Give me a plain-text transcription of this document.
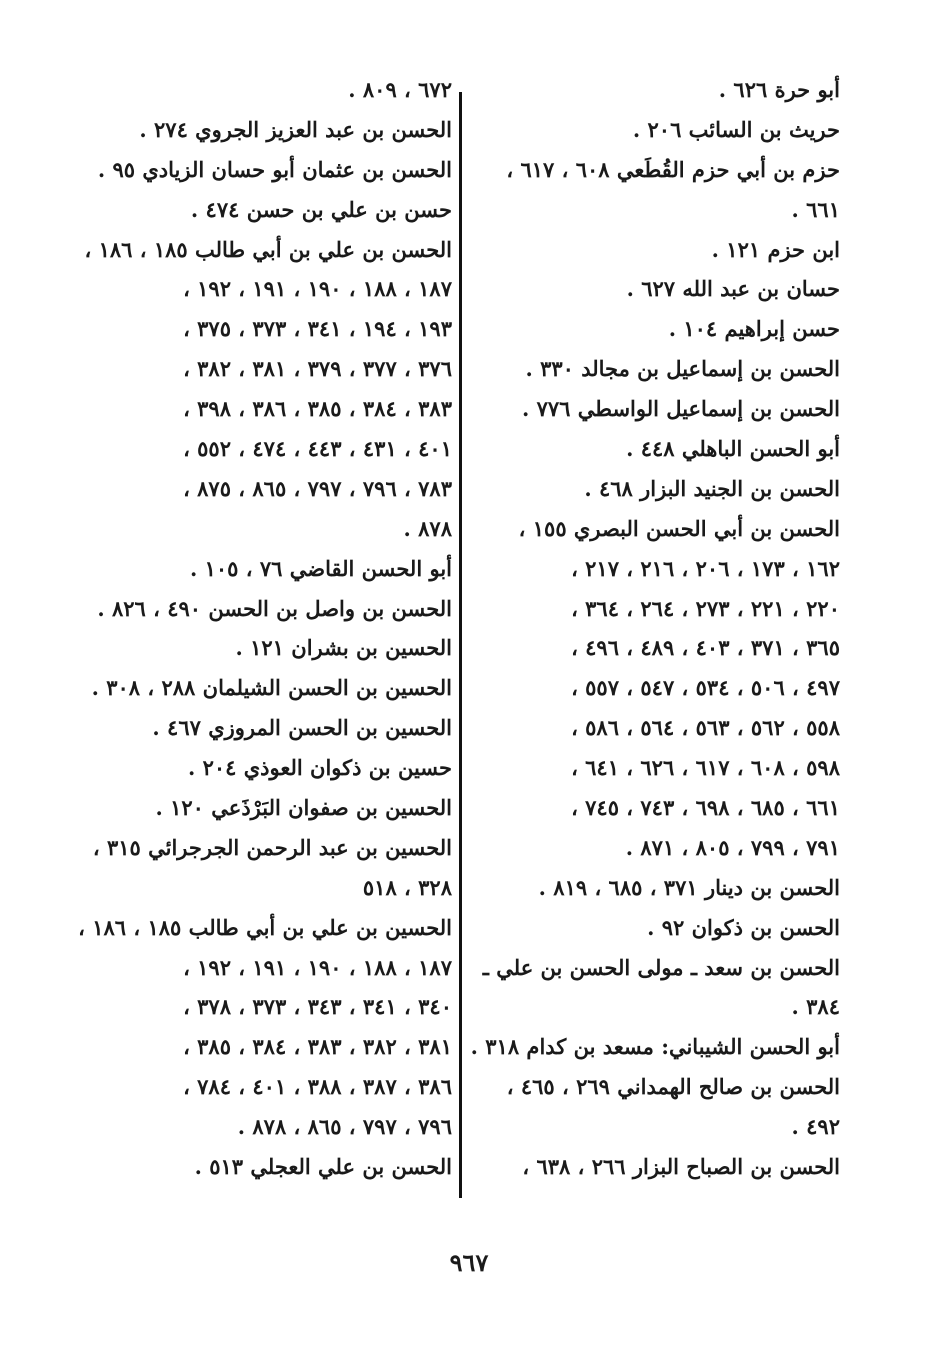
أبو حرة ٦٢٦ .
حريث بن السائب ٢٠٦ .
حزم بن أبي حزم القُطَعي ٦٠٨ ، ٦١٧ ،
٦٦١ .
ابن حزم ١٢١ .
حسان بن عبد الله ٦٢٧ .
حسن إبراهيم ١٠٤ .
الحسن بن إسماعيل بن مجالد ٣٣٠ .
الحسن بن إسماعيل الواسطي ٧٧٦ .
أبو الحسن الباهلي ٤٤٨ .
الحسن بن الجنيد البزار ٤٦٨ .
الحسن بن أبي الحسن البصري ١٥٥ ،
١٦٢ ، ١٧٣ ، ٢٠٦ ، ٢١٦ ، ٢١٧ ،
٢٢٠ ، ٢٢١ ، ٢٧٣ ، ٢٦٤ ، ٣٦٤ ،
٣٦٥ ، ٣٧١ ، ٤٠٣ ، ٤٨٩ ، ٤٩٦ ،
٤٩٧ ، ٥٠٦ ، ٥٣٤ ، ٥٤٧ ، ٥٥٧ ،
٥٥٨ ، ٥٦٢ ، ٥٦٣ ، ٥٦٤ ، ٥٨٦ ،
٥٩٨ ، ٦٠٨ ، ٦١٧ ، ٦٢٦ ، ٦٤١ ،
٦٦١ ، ٦٨٥ ، ٦٩٨ ، ٧٤٣ ، ٧٤٥ ،
٧٩١ ، ٧٩٩ ، ٨٠٥ ، ٨٧١ .
الحسن بن دينار ٣٧١ ، ٦٨٥ ، ٨١٩ .
الحسن بن ذكوان ٩٢ .
الحسن بن سعد ـ مولى الحسن بن علي ـ
٣٨٤ .
أبو الحسن الشيباني: مسعد بن كدام ٣١٨ .
الحسن بن صالح الهمداني ٢٦٩ ، ٤٦٥ ،
٤٩٢ .
الحسن بن الصباح البزار ٢٦٦ ، ٦٣٨ ،
٦٧٢ ، ٨٠٩ .
الحسن بن عبد العزيز الجروي ٢٧٤ .
الحسن بن عثمان أبو حسان الزيادي ٩٥ .
حسن بن علي بن حسن ٤٧٤ .
الحسن بن علي بن أبي طالب ١٨٥ ، ١٨٦ ،
١٨٧ ، ١٨٨ ، ١٩٠ ، ١٩١ ، ١٩٢ ،
١٩٣ ، ١٩٤ ، ٣٤١ ، ٣٧٣ ، ٣٧٥ ،
٣٧٦ ، ٣٧٧ ، ٣٧٩ ، ٣٨١ ، ٣٨٢ ،
٣٨٣ ، ٣٨٤ ، ٣٨٥ ، ٣٨٦ ، ٣٩٨ ،
٤٠١ ، ٤٣١ ، ٤٤٣ ، ٤٧٤ ، ٥٥٢ ،
٧٨٣ ، ٧٩٦ ، ٧٩٧ ، ٨٦٥ ، ٨٧٥ ،
٨٧٨ .
أبو الحسن القاضي ٧٦ ، ١٠٥ .
الحسن بن واصل بن الحسن ٤٩٠ ، ٨٢٦ .
الحسين بن بشران ١٢١ .
الحسين بن الحسن الشيلمان ٢٨٨ ، ٣٠٨ .
الحسين بن الحسن المروزي ٤٦٧ .
حسين بن ذكوان العوذي ٢٠٤ .
الحسين بن صفوان البَرْذَعي ١٢٠ .
الحسين بن عبد الرحمن الجرجرائي ٣١٥ ،
٣٢٨ ، ٥١٨
الحسين بن علي بن أبي طالب ١٨٥ ، ١٨٦ ،
١٨٧ ، ١٨٨ ، ١٩٠ ، ١٩١ ، ١٩٢ ،
٣٤٠ ، ٣٤١ ، ٣٤٣ ، ٣٧٣ ، ٣٧٨ ،
٣٨١ ، ٣٨٢ ، ٣٨٣ ، ٣٨٤ ، ٣٨٥ ،
٣٨٦ ، ٣٨٧ ، ٣٨٨ ، ٤٠١ ، ٧٨٤ ،
٧٩٦ ، ٧٩٧ ، ٨٦٥ ، ٨٧٨ .
الحسن بن علي العجلي ٥١٣ .
٩٦٧
